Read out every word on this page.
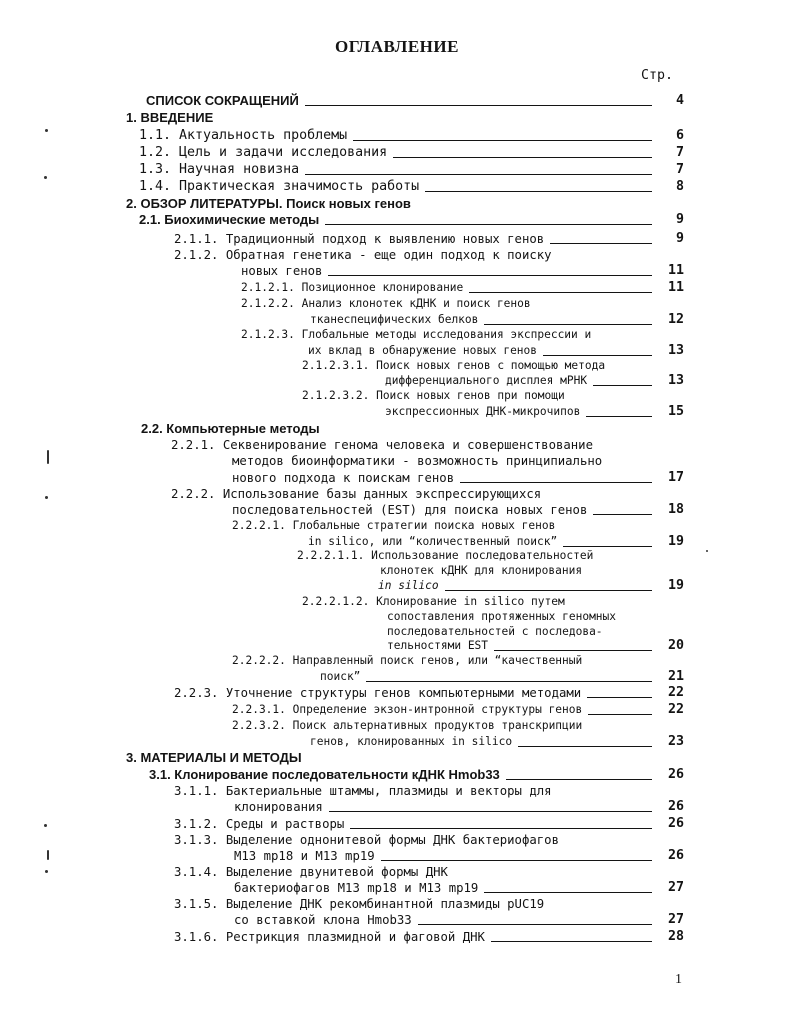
ОГЛАВЛЕНИЕ
Стр.
СПИСОК СОКРАЩЕНИЙ	4
1. ВВЕДЕНИЕ
1.1. Актуальность проблемы	6
1.2. Цель и задачи исследования	7
1.3. Научная новизна	7
1.4. Практическая значимость работы	8
2. ОБЗОР ЛИТЕРАТУРЫ. Поиск новых генов
2.1. Биохимические методы	9
2.1.1. Традиционный подход к выявлению новых генов	9
2.1.2. Обратная генетика - еще один подход к поиску
новых генов	11
2.1.2.1. Позиционное клонирование	11
2.1.2.2. Анализ клонотек кДНК и поиск генов
тканеспецифических белков	12
2.1.2.3. Глобальные методы исследования экспрессии и
их вклад в обнаружение новых генов	13
2.1.2.3.1. Поиск новых генов с помощью метода
дифференциального дисплея мРНК	13
2.1.2.3.2. Поиск новых генов при помощи
экспрессионных ДНК-микрочипов	15
2.2. Компьютерные методы
2.2.1. Секвенирование генома человека и совершенствование
методов биоинформатики - возможность принципиально
нового подхода к поискам генов	17
2.2.2. Использование базы данных экспрессирующихся
последовательностей (EST) для поиска новых генов	18
2.2.2.1. Глобальные стратегии поиска новых генов
in silico, или “количественный поиск”	19
2.2.2.1.1. Использование последовательностей
клонотек кДНК для клонирования
in silico	19
2.2.2.1.2. Клонирование in silico путем
сопоставления протяженных геномных
последовательностей с последова-
тельностями EST	20
2.2.2.2. Направленный поиск генов, или “качественный
поиск”	21
2.2.3. Уточнение структуры генов компьютерными методами	22
2.2.3.1. Определение экзон-интронной структуры генов	22
2.2.3.2. Поиск альтернативных продуктов транскрипции
генов, клонированных in silico	23
3. МАТЕРИАЛЫ И МЕТОДЫ
3.1. Клонирование последовательности кДНК Hmob33	26
3.1.1. Бактериальные штаммы, плазмиды и векторы для
клонирования	26
3.1.2. Среды и растворы	26
3.1.3. Выделение однонитевой формы ДНК бактериофагов
M13 mp18 и M13 mp19	26
3.1.4. Выделение двунитевой формы ДНК
бактериофагов M13 mp18 и M13 mp19	27
3.1.5. Выделение ДНК рекомбинантной плазмиды pUC19
со вставкой клона Hmob33	27
3.1.6. Рестрикция плазмидной и фаговой ДНК	28
1
